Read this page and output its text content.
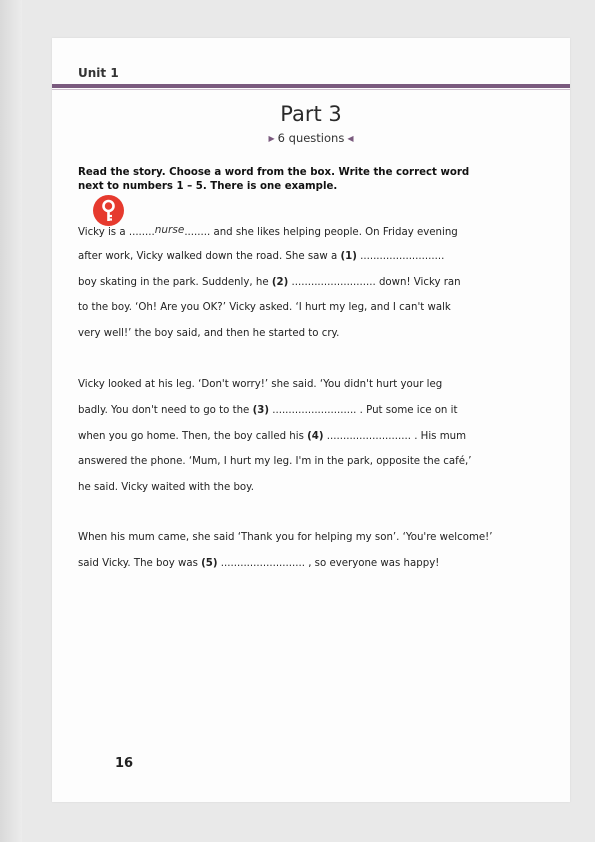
Unit 1
Part 3
▶ 6 questions ◀
Read the story. Choose a word from the box. Write the correct word next to numbers 1 – 5. There is one example.

Vicky is a ........nurse........ and she likes helping people. On Friday evening

after work, Vicky walked down the road. She saw a (1) ..........................

boy skating in the park. Suddenly, he (2) .......................... down! Vicky ran

to the boy. ‘Oh! Are you OK?’ Vicky asked. ‘I hurt my leg, and I can't walk

very well!’ the boy said, and then he started to cry.

Vicky looked at his leg. ‘Don't worry!’ she said. ‘You didn't hurt your leg

badly. You don't need to go to the (3) .......................... . Put some ice on it

when you go home. Then, the boy called his (4) .......................... . His mum

answered the phone. ‘Mum, I hurt my leg. I'm in the park, opposite the café,’

he said. Vicky waited with the boy.

When his mum came, she said ‘Thank you for helping my son’. ‘You're welcome!’

said Vicky. The boy was (5) .......................... , so everyone was happy!

16
